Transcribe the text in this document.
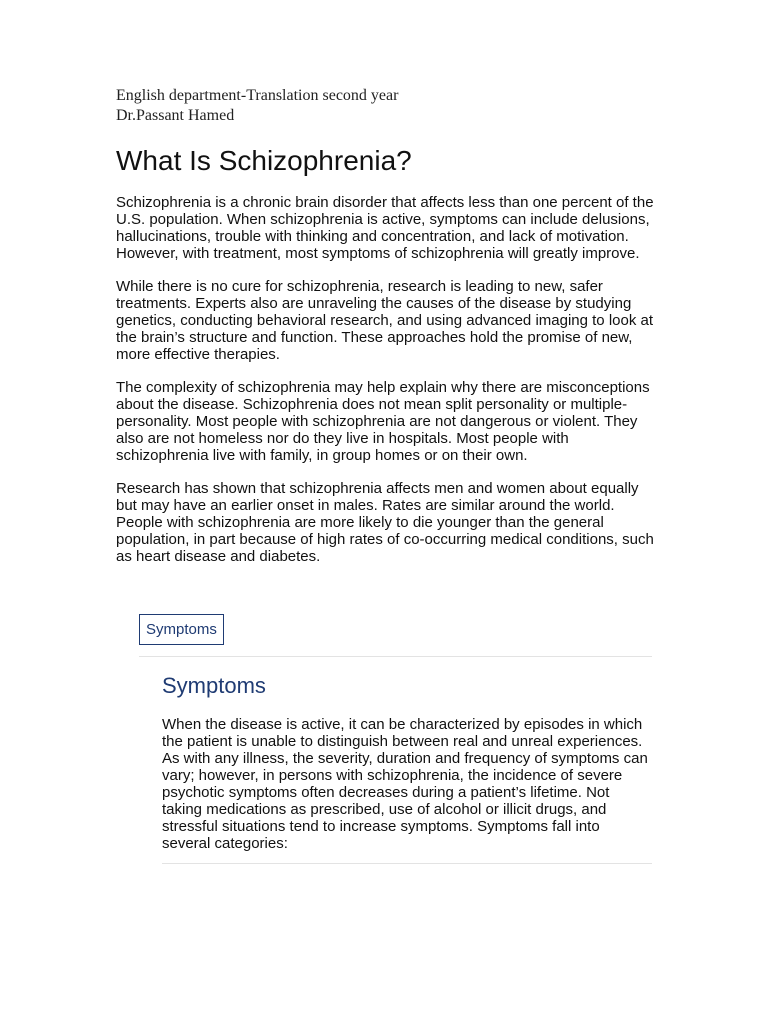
English department-Translation second year

Dr.Passant Hamed

What Is Schizophrenia?

Schizophrenia is a chronic brain disorder that affects less than one percent of the U.S. population. When schizophrenia is active, symptoms can include delusions, hallucinations, trouble with thinking and concentration, and lack of motivation. However, with treatment, most symptoms of schizophrenia will greatly improve.

While there is no cure for schizophrenia, research is leading to new, safer treatments. Experts also are unraveling the causes of the disease by studying genetics, conducting behavioral research, and using advanced imaging to look at the brain’s structure and function. These approaches hold the promise of new, more effective therapies.

The complexity of schizophrenia may help explain why there are misconceptions about the disease. Schizophrenia does not mean split personality or multiple-personality. Most people with schizophrenia are not dangerous or violent. They also are not homeless nor do they live in hospitals. Most people with schizophrenia live with family, in group homes or on their own.

Research has shown that schizophrenia affects men and women about equally but may have an earlier onset in males. Rates are similar around the world. People with schizophrenia are more likely to die younger than the general population, in part because of high rates of co-occurring medical conditions, such as heart disease and diabetes.

Symptoms
Symptoms

When the disease is active, it can be characterized by episodes in which the patient is unable to distinguish between real and unreal experiences. As with any illness, the severity, duration and frequency of symptoms can vary; however, in persons with schizophrenia, the incidence of severe psychotic symptoms often decreases during a patient’s lifetime. Not taking medications as prescribed, use of alcohol or illicit drugs, and stressful situations tend to increase symptoms. Symptoms fall into several categories:
